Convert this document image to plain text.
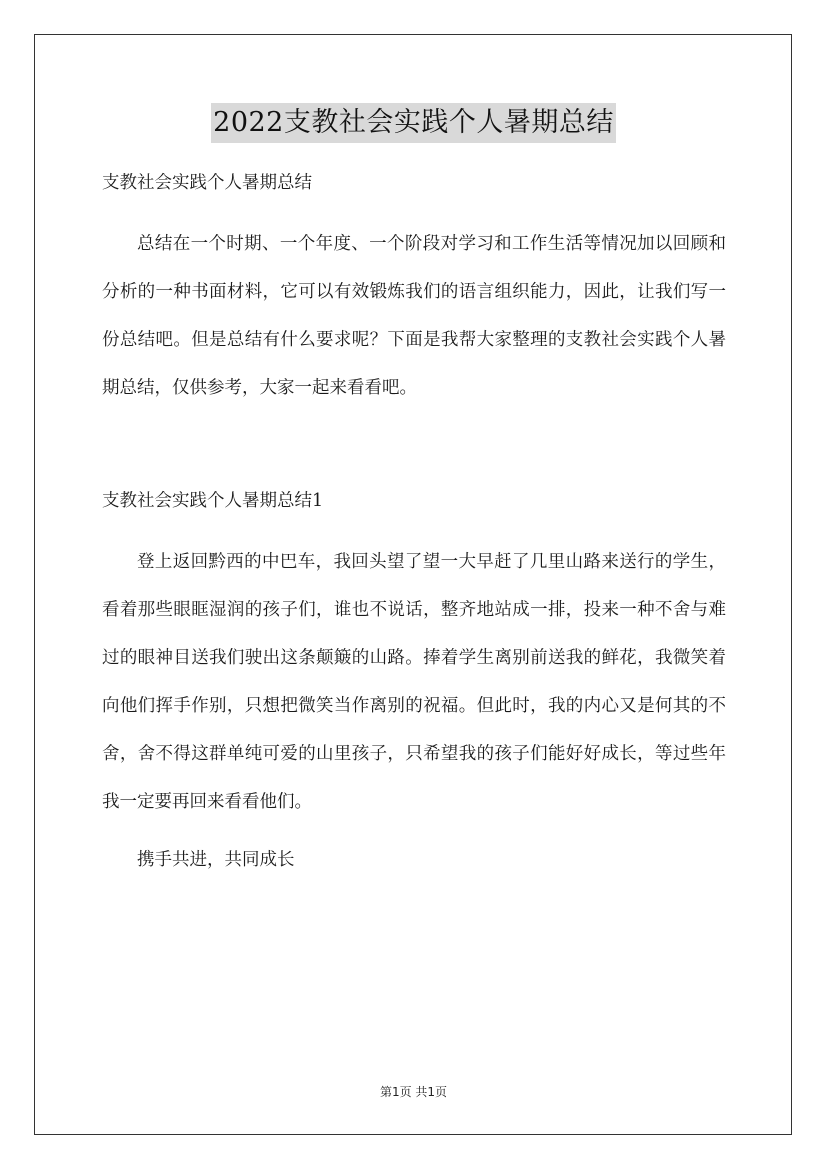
2022支教社会实践个人暑期总结

支教社会实践个人暑期总结

总结在一个时期、一个年度、一个阶段对学习和工作生活等情况加以回顾和分析的一种书面材料，它可以有效锻炼我们的语言组织能力，因此，让我们写一份总结吧。但是总结有什么要求呢？下面是我帮大家整理的支教社会实践个人暑期总结，仅供参考，大家一起来看看吧。

支教社会实践个人暑期总结1

登上返回黔西的中巴车，我回头望了望一大早赶了几里山路来送行的学生，看着那些眼眶湿润的孩子们，谁也不说话，整齐地站成一排，投来一种不舍与难过的眼神目送我们驶出这条颠簸的山路。捧着学生离别前送我的鲜花，我微笑着向他们挥手作别，只想把微笑当作离别的祝福。但此时，我的内心又是何其的不舍，舍不得这群单纯可爱的山里孩子，只希望我的孩子们能好好成长，等过些年我一定要再回来看看他们。

携手共进，共同成长

第1页 共1页
